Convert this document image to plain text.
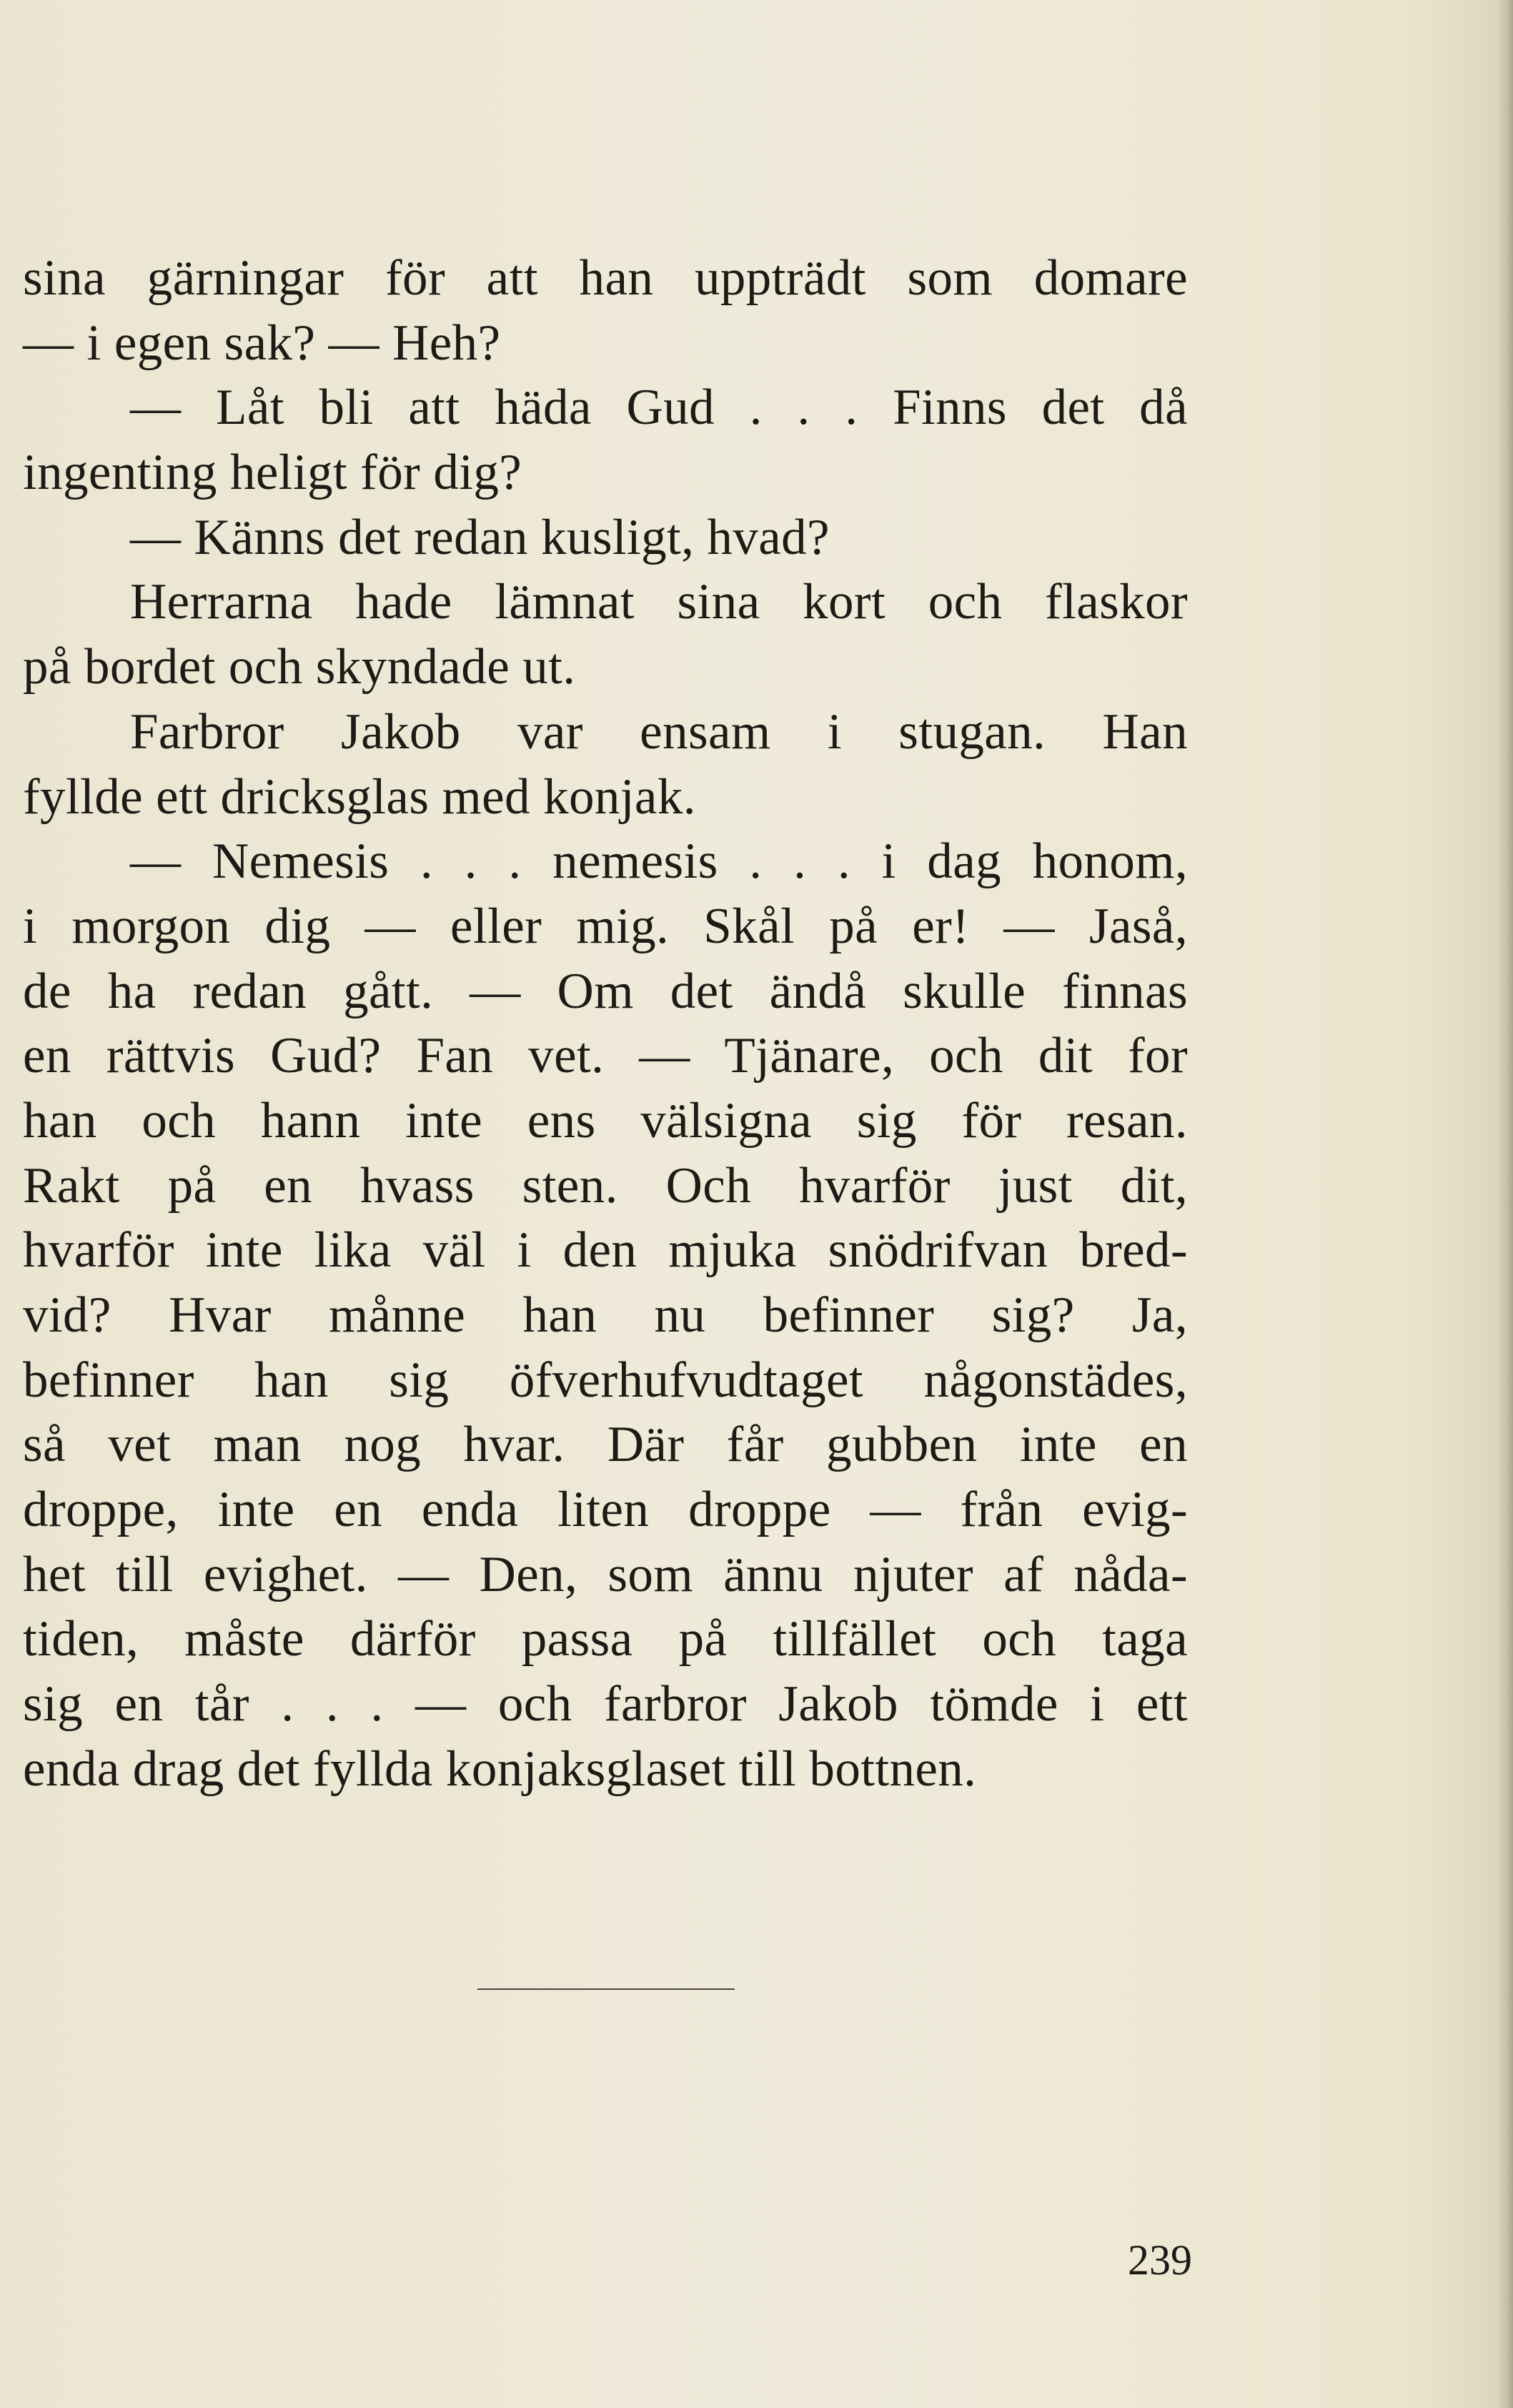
sina gärningar för att han uppträdt som domare
— i egen sak? — Heh?
— Låt bli att häda Gud . . . Finns det då
ingenting heligt för dig?
— Känns det redan kusligt, hvad?
Herrarna hade lämnat sina kort och flaskor
på bordet och skyndade ut.
Farbror Jakob var ensam i stugan. Han
fyllde ett dricksglas med konjak.
— Nemesis . . . nemesis . . . i dag honom,
i morgon dig — eller mig. Skål på er! — Jaså,
de ha redan gått. — Om det ändå skulle finnas
en rättvis Gud? Fan vet. — Tjänare, och dit for
han och hann inte ens välsigna sig för resan.
Rakt på en hvass sten. Och hvarför just dit,
hvarför inte lika väl i den mjuka snödrifvan bred-
vid? Hvar månne han nu befinner sig? Ja,
befinner han sig öfverhufvudtaget någonstädes,
så vet man nog hvar. Där får gubben inte en
droppe, inte en enda liten droppe — från evig-
het till evighet. — Den, som ännu njuter af nåda-
tiden, måste därför passa på tillfället och taga
sig en tår . . . — och farbror Jakob tömde i ett
enda drag det fyllda konjaksglaset till bottnen.
239
